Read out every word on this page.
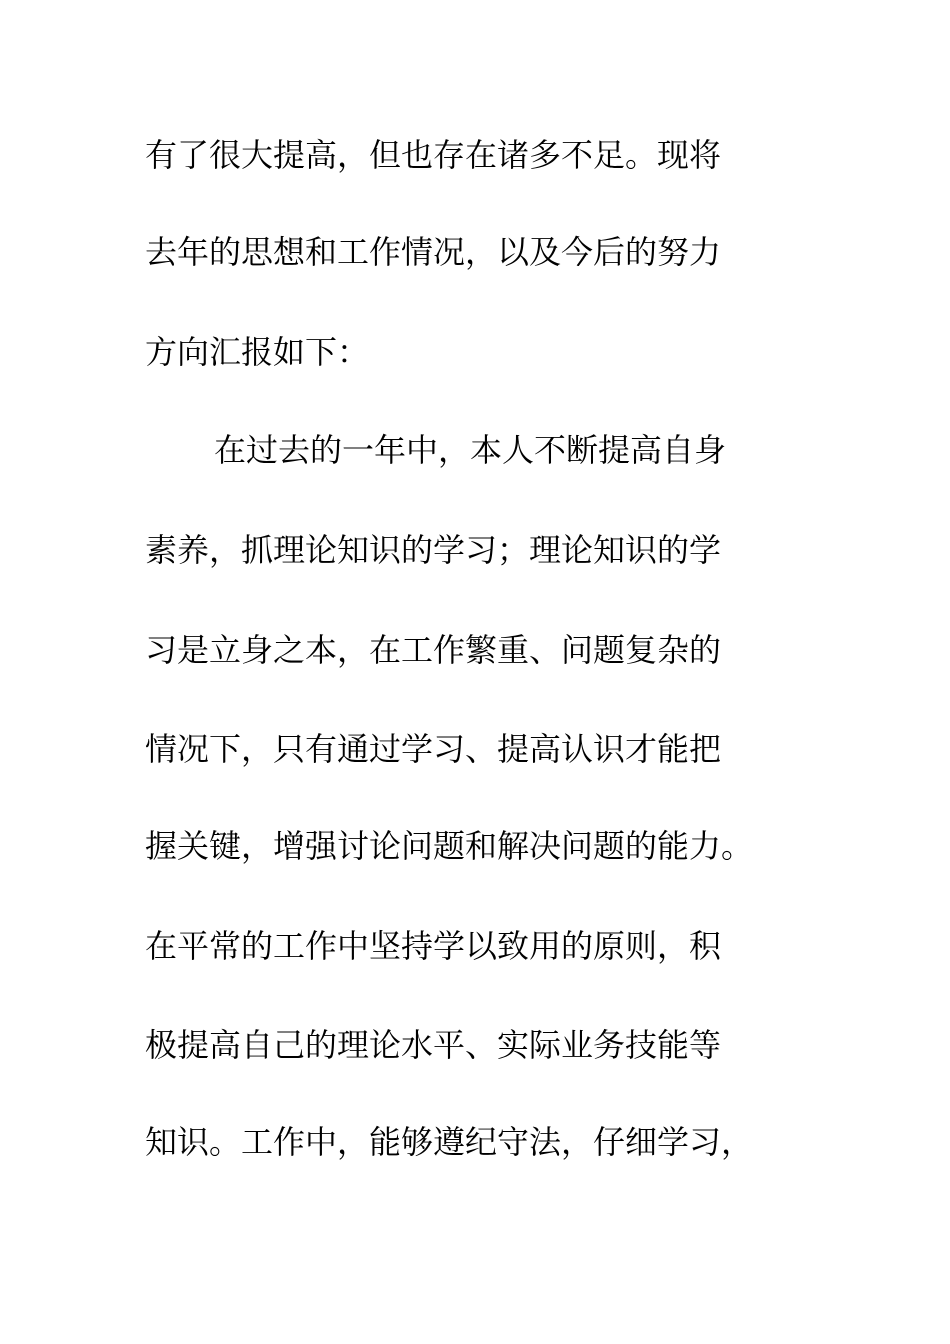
有了很大提高，但也存在诸多不足。现将
去年的思想和工作情况，以及今后的努力
方向汇报如下：
在过去的一年中，本人不断提高自身
素养，抓理论知识的学习；理论知识的学
习是立身之本，在工作繁重、问题复杂的
情况下，只有通过学习、提高认识才能把
握关键，增强讨论问题和解决问题的能力。
在平常的工作中坚持学以致用的原则，积
极提高自己的理论水平、实际业务技能等
知识。工作中，能够遵纪守法，仔细学习，
